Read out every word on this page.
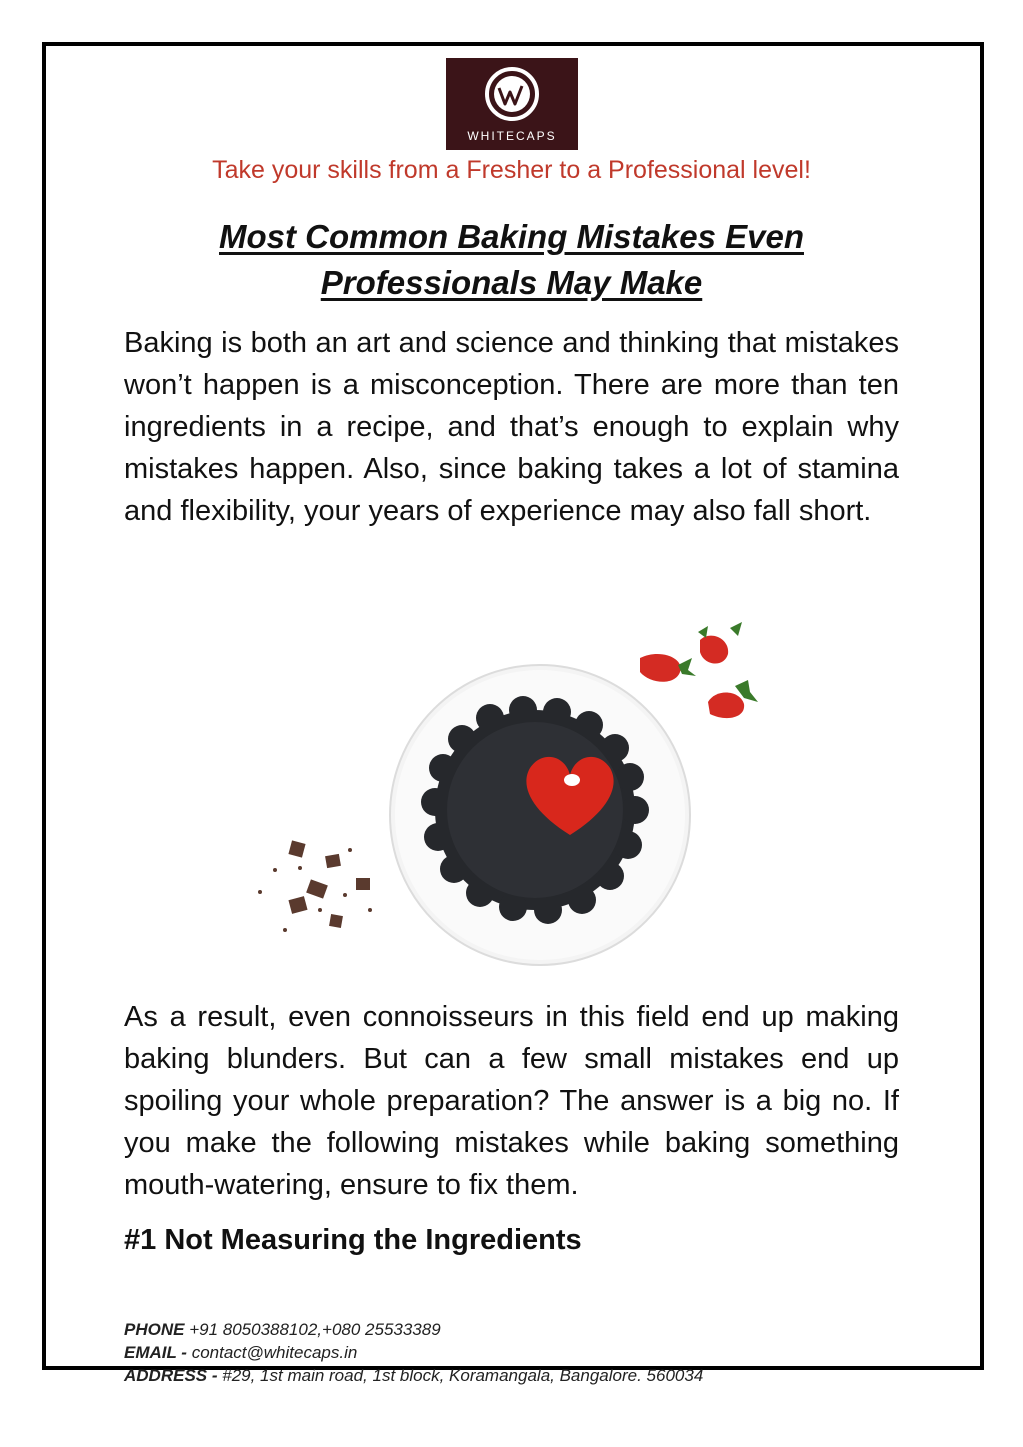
WHITECAPS
Take your skills from a Fresher to a Professional level!
Most Common Baking Mistakes Even
Professionals May Make
Baking is both an art and science and thinking that mistakes won’t happen is a misconception. There are more than ten ingredients in a recipe, and that’s enough to explain why mistakes happen. Also, since baking takes a lot of stamina and flexibility, your years of experience may also fall short.
As a result, even connoisseurs in this field end up making baking blunders. But can a few small mistakes end up spoiling your whole preparation? The answer is a big no. If you make the following mistakes while baking something mouth-watering, ensure to fix them.
#1 Not Measuring the Ingredients
PHONE +91 8050388102,+080 25533389
EMAIL - contact@whitecaps.in
ADDRESS - #29, 1st main road, 1st block, Koramangala, Bangalore. 560034
